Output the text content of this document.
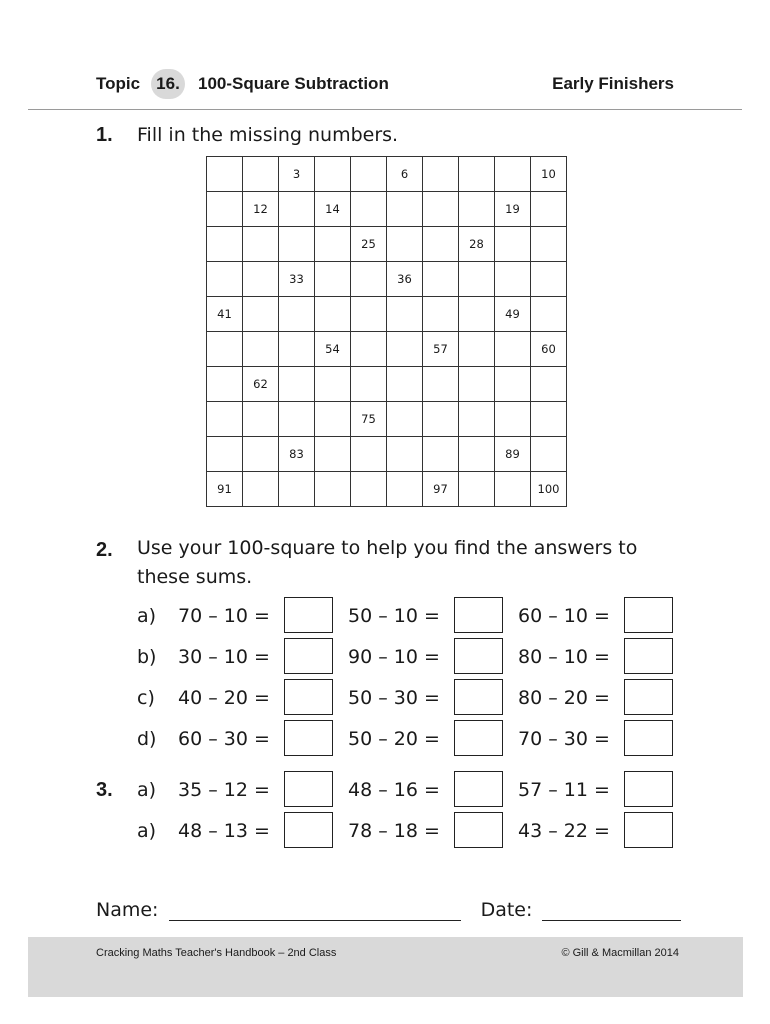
Topic 16.	100-Square Subtraction	Early Finishers
1. Fill in the missing numbers.
		3			6				10
	12		14					19	
				25			28		
		33			36				
41								49	
			54			57			60
	62								
				75					
		83						89	
91						97			100
2. Use your 100-square to help you find the answers to
these sums.
a) 70 – 10 =	50 – 10 =	60 – 10 =
b) 30 – 10 =	90 – 10 =	80 – 10 =
c) 40 – 20 =	50 – 30 =	80 – 20 =
d) 60 – 30 =	50 – 20 =	70 – 30 =
3. a) 35 – 12 =	48 – 16 =	57 – 11 =
a) 48 – 13 =	78 – 18 =	43 – 22 =
Name:	Date:
Cracking Maths Teacher's Handbook – 2nd Class	© Gill & Macmillan 2014
